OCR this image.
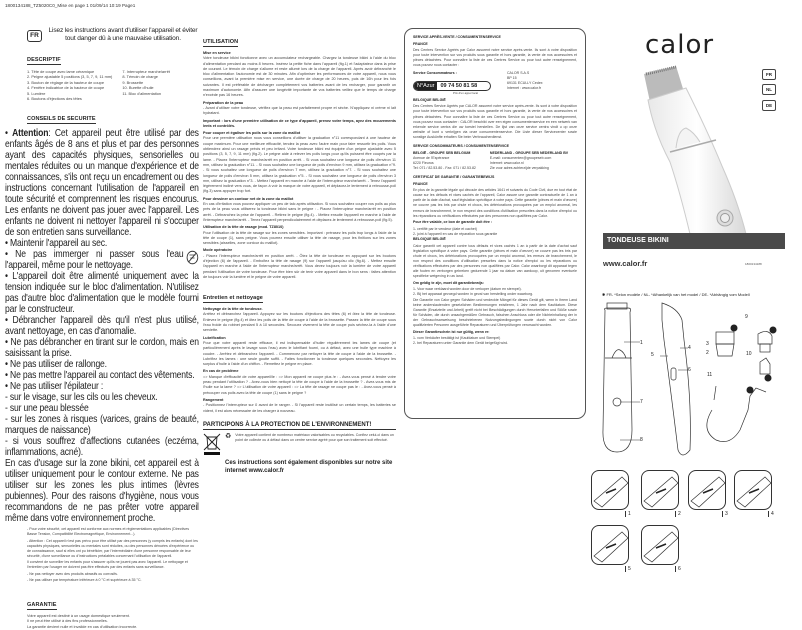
1800134188_TZ5020C0_Mise en page 1 01/09/14 10:19 Page1
FR
Lisez les instructions avant d'utiliser l'appareil et éviter tout danger dû à une mauvaise utilisation.
DESCRIPTIF
1. Tête de coupe avec lame céramique
2. Peigne ajustable 5 positions (3, 5, 7, 9, 11 mm)
3. Bouton de réglage de la hauteur de coupe
4. Fenêtre indicatrice de la hauteur de coupe
5. Lumière
6. Boutons d'éjections des têtes
7. Interrupteur marche/arrêt
8. Témoin de charge
9. Brossette
10. Burette d'huile
11. Bloc d'alimentation
CONSEILS DE SECURITE

• Attention: Cet appareil peut être utilisé par des enfants âgés de 8 ans et plus et par des personnes ayant des capacités physiques, sensorielles ou mentales réduites ou un manque d'expérience et de connaissances, s'ils ont reçu un encadrement ou des instructions concernant l'utilisation de l'appareil en toute sécurité et comprennent les risques encourus. Les enfants ne doivent pas jouer avec l'appareil. Les enfants ne doivent ni nettoyer l'appareil ni s'occuper de son entretien sans surveillance.

• Maintenir l'appareil au sec.

• Ne pas immerger ni passer sous l'eau l'appareil, même pour le nettoyage.

• L'appareil doit être alimenté uniquement avec la tension indiquée sur le bloc d'alimentation. N'utilisez pas d'autre bloc d'alimentation que le modèle fourni par le constructeur.

• Débrancher l'appareil dès qu'il n'est plus utilisé, avant nettoyage, en cas d'anomalie.

• Ne pas débrancher en tirant sur le cordon, mais en saisissant la prise.

• Ne pas utiliser de rallonge.

• Ne pas mettre l'appareil au contact des vêtements.

• Ne pas utiliser l'épilateur :

- sur le visage, sur les cils ou les cheveux.

- sur une peau blessée

- sur les zones à risques (varices, grains de beauté, marques de naissance)

- si vous souffrez d'affections cutanées (eczéma, inflammations, acné).

En cas d'usage sur la zone bikini, cet appareil est à utiliser uniquement pour le contour externe. Ne pas utiliser sur les zones les plus intimes (lèvres pubiennes). Pour des raisons d'hygiène, nous vous recommandons de ne pas prêter votre appareil même dans votre environnement proche.

- Pour votre sécurité, cet appareil est conforme aux normes et réglementations applicables (Directives Basse Tension, Compatibilité Electromagnétique, Environnement...).

- Attention : Cet appareil n'est pas prévu pour être utilisé par des personnes (y compris les enfants) dont les capacités physiques, sensorielles ou mentales sont réduites, ou des personnes dénuées d'expérience ou de connaissance, sauf si elles ont pu bénéficier, par l'intermédiaire d'une personne responsable de leur sécurité, d'une surveillance ou d'instructions préalables concernant l'utilisation de l'appareil.

Il convient de surveiller les enfants pour s'assurer qu'ils ne jouent pas avec l'appareil. Le nettoyage et l'entretien par l'usager ne doivent pas être effectués par des enfants sans surveillance.

- Ne pas nettoyer avec des produits abrasifs ou corrosifs.

- Ne pas utiliser par température inférieure à 0 °C et supérieure à 35 °C.

GARANTIE
Votre appareil est destiné à un usage domestique seulement.
Il ne peut être utilisé à des fins professionnelles.
La garantie devient nulle et invalide en cas d'utilisation incorrecte.
UTILISATION
Mise en service
Votre tondeuse bikini fonctionne avec un accumulateur rechargeable. Chargez la tondeuse bikini à l'aide du bloc d'alimentation pendant au moins 8 heures. Insérez la petite fiche dans l'appareil (fig.1) et l'adaptateur dans la prise de courant. Le témoin de charge s'allume et reste allumé lors de la charge de l'appareil. Après avoir débranché le bloc d'alimentation l'autonomie est de 30 minutes. Afin d'optimiser les performances de votre appareil, nous vous conseillons, avant la première mise en service, une durée de charge de 20 heures, puis de 16h pour les fois suivantes. Il est préférable de décharger complètement vos batteries avant de les recharger, pour garantir un maximum d'autonomie. Afin d'assurer une longévité importante de vos batteries veillez que le temps de charge n'excède pas 16 heures.
Préparation de la peau
- Avant d'utiliser votre tondeuse, vérifiez que la peau est parfaitement propre et sèche. N'appliquez ni crème ni lait hydratant.
Important : lors d'une première utilisation de ce type d'appareil, prenez votre temps, ayez des mouvements lents et contrôlés.
Pour couper et égaliser les poils sur la zone du maillot
Pour une première utilisation nous vous conseillons d'utiliser la graduation n°11 correspondant à une hauteur de coupe maximum. Pour une meilleure efficacité, tendez la peau avec l'autre main pour faire ressortir les poils. Vous obtiendrez ainsi un rasage précis et peu irritant. Votre tondeuse bikini est équipée d'un peigne ajustable avec 5 positions (3, 5, 7, 9, 11 mm) (fig.2). Le peigne aide à relever les poils longs pour qu'ils puissent être coupés par la lame. - Placez l'interrupteur marche/arrêt en position arrêt. - Si vous souhaitez une longueur de poils d'environ 11 mm, utilisez la graduation n°11. - Si vous souhaitez une longueur de poils d'environ 9 mm, utilisez la graduation n°9. - Si vous souhaitez une longueur de poils d'environ 7 mm, utilisez la graduation n°7. - Si vous souhaitez une longueur de poils d'environ 5 mm, utilisez la graduation n°5. - Si vous souhaitez une longueur de poils d'environ 3 mm, utilisez la graduation n°3. - Mettez l'appareil en marche à l'aide de l'interrupteur marche/arrêt. - Tenez l'appareil légèrement incliné vers vous, de façon à voir la marque de votre appareil, et déplacez-le lentement à rebrousse-poil (fig.3) sans appuyer trop fort.
Pour dessiner un contour net de la zone du maillot
En cas d'irritation vous pouvez appliquer un peu de talc après utilisation. Si vous souhaitez couper vos poils au plus près de la peau vous utiliserez la tondeuse bikini sans le peigne : - Placez l'interrupteur marche/arrêt en position arrêt. - Débranchez la prise de l'appareil. - Retirez le peigne (fig.4). - Mettez ensuite l'appareil en marche à l'aide de l'interrupteur marche/arrêt. - Tenez l'appareil perpendiculairement et déplacez-le lentement à rebrousse-poil (fig.5).
Utilisation de la tête de rasage (mod. TZ8010)
Pour l'utilisation de la tête de rasage sur les zones sensibles. Important : prérasez les poils trop longs à l'aide de la tête de coupe (1), sans peigne. Vous pourrez ensuite utiliser la tête de rasage, pour les finitions sur les zones sensibles (aisselles, zone contour du maillot).
Mode opératoire
- Placez l'interrupteur marche/arrêt en position arrêt. - Ôtez la tête de tondeuse en appuyant sur les boutons d'éjection (6) de l'appareil. - Emboîtez la tête de rasage (9) sur l'appareil jusqu'au clic (fig.6). - Mettez ensuite l'appareil en marche à l'aide de l'interrupteur marche/arrêt. Vous devez toujours voir la lumière de votre appareil pendant l'utilisation de votre tondeuse. Pour être bien sûr de tenir votre appareil dans le bon sens : faites attention de toujours voir la lumière et le peigne de votre appareil.
Entretien et nettoyage
Nettoyage de la tête de tondeuse.
Arrêtez et débranchez l'appareil. Appuyez sur les boutons d'éjections des têtes (6) et ôtez la tête de tondeuse. Enlevez le peigne (fig.4) et ôtez les poils de la tête de coupe à l'aide de la brossette. Passez la tête de coupe sous l'eau froide du robinet pendant 5 à 10 secondes. Secouez vivement la tête de coupe puis séchez-la à l'aide d'une serviette.
Lubrification
Pour que votre appareil reste efficace, il est indispensable d'huiler régulièrement les lames de coupe (et particulièrement après le lavage sous l'eau) avec le lubrifiant fourni, ou à défaut, avec une huile type machine à coudre. - Arrêtez et débranchez l'appareil. - Commencez par nettoyer la tête de coupe à l'aide de la brossette. - Lubrifiez les lames : une seule goutte suffit. - Faites fonctionner la tondeuse quelques secondes. Nettoyez les surplus d'huile à l'aide d'un chiffon. - Remettez le peigne en place.
En cas de problème
=> Manque d'efficacité de votre appareil/le : => Mon appareil ne coupe plus /e : - Avez-vous pensé à tendre votre peau pendant l'utilisation ? - Avez-vous bien nettoyé la tête de coupe à l'aide de la brossette ? - Avez-vous mis de l'huile sur la lame ? => L'utilisation de votre appareil : => La tête de rasage ne coupe pas le : - Avez-vous pensé à précouper vos poils avec la tête de coupe (1) sans le peigne ?
Rangement
- Positionnez l'interrupteur sur 0 avant de le ranger. - Si l'appareil reste inutilisé un certain temps, les batteries se vident, il est alors nécessaire de les charger à nouveau.
PARTICIPONS À LA PROTECTION DE L'ENVIRONNEMENT!
♻ Votre appareil contient de nombreux matériaux valorisables ou recyclables. Confiez celui-ci dans un point de collecte ou à défaut dans un centre service agréé pour que son traitement soit effectué.
Ces instructions sont également disponibles sur notre site internet www.calor.fr

SERVICE APRÈS-VENTE / CONSUMENTENSERVICE

FRANCE

Des Centres Service Agréés par Calor assurent notre service après-vente. Ils sont à votre disposition pour toute intervention sur vos produits sous garantie et hors garantie, la vente de nos accessoires et pièces détachées. Pour connaître la liste de ces Centres Service ou pour tout autre renseignement, vous pouvez nous contacter :

Service Consommateurs :
N°Azur	09 74 50 81 58
Prix d'un appel local
CALOR S.A.S
BP 15
69131 ECULLY Cedex
Internet : www.calor.fr

BELGIQUE BELGIË

Des Centres Service Agréés par CALOR assurent notre service après-vente. Ils sont à votre disposition pour toute intervention sur vos produits sous garantie et hors garantie, la vente de nos accessoires et pièces détachées. Pour connaître la liste de ces Centres Service ou pour tout autre renseignement, vous pouvez nous contacter : CALOR beschikt over een eigen consumentenservice en een netwerk van erkende service centra die uw toestel herstellen. De lijst van onze service centra vindt u op onze website of kunt u verkrijgen via onze consumentenservice. Die Liste dieser Servicecenter sowie sonstige Auskünfte erhalten Sie beim Verbraucherdienst.

SERVICE CONSOMMATEURS / CONSUMENTENSERVICE

BELGIË - GROUPE SEB BELGIUM
Avenue de l'Espérance
6220 Fleurus
Tel: 071 / 82.53.80 - Fax: 071 / 82.53.82
NEDERLAND - GROUPE SEB NEDERLAND BV
E-mail: consumenten@groupeseb.com
Internet: www.calor.nl
Zie voor adres achterzijde verpakking

CERTIFICAT DE GARANTIE / GARANTIEBEWIJS

FRANCE

En plus de la garantie légale qui découle des articles 1641 et suivants du Code Civil, due en tout état de cause sur les défauts et vices cachés de l'appareil, Calor assure une garantie contractuelle de 1 an à partir de la date d'achat, sauf législation spécifique à votre pays. Cette garantie (pièces et main d'œuvre) ne couvre pas les bris par chute et chocs, les détériorations provoquées par un emploi anormal, les erreurs de branchement, le non respect des conditions d'utilisation prescrites dans la notice d'emploi ou les réparations ou vérifications effectuées par des personnes non qualifiées par Calor.

Pour être valable, ce bon de garantie doit être :

1- certifié par le vendeur (date et cachet)
2- joint à l'appareil en cas de réparation sous garantie

BELGIQUE BELGIË

Calor garantit cet appareil contre tous défauts et vices cachés 1 an à partir de la date d'achat sauf législation spécifique à votre pays. Cette garantie (pièces et main d'œuvre) ne couvre pas les bris par chute et chocs, les détériorations provoquées par un emploi anormal, les erreurs de branchement, le non respect des conditions d'utilisation prescrites dans la notice d'emploi ou les réparations ou vérifications effectuées par des personnes non qualifiées par Calor. Calor waarborgt dit apparaat tegen alle fouten en verborgen gebreken gedurende 1 jaar na datum van aankoop, uit genomen eventuele specifieke wetgeving in uw land.

Om geldig te zijn, moet dit garantiebewijs:

1- Voor waar verklaard worden door de verkoper (datum en stempel).
2- Bij het apparaat gevoegd worden in geval van herstelling onder waarborg.

Die Garantie von Calor gegen Schäden und verdeckte Mängel für dieses Gerät gilt, wenn in Ihrem Land keine anderslautenden gesetzlichen Bestimmungen existieren, 1 Jahr nach dem Kaufdatum. Diese Garantie (Ersatzteile und Arbeit) greift nicht bei Beschädigungen durch Herunterfallen und Stöße sowie für Schäden, die durch unsachgemäßen Gebrauch, falschen Anschluss oder die Nichteinhaltung der in der Gebrauchsanweisung beschriebenen Nutzungsbedingungen sowie durch nicht von Calor qualifizierten Personen ausgeführte Reparaturen und Überprüfungen verursacht wurden.

Dieser Garantieschein ist nur gültig, wenn er:

1- vom Verkäufer bestätigt ist (Kaufdatum und Stempel)
2- bei Reparaturen unter Garantie dem Gerät beigefügt wird.
calor
FR
NL
DE
TONDEUSE BIKINI
www.calor.fr	1800134188
✱ FR- *Selon modèle / NL- *Afhankelijk van het model / DE- *Abhängig vom Modell
1
2
3
4
5
6
7
8
9
10
11
1	2	3	4
5	6
